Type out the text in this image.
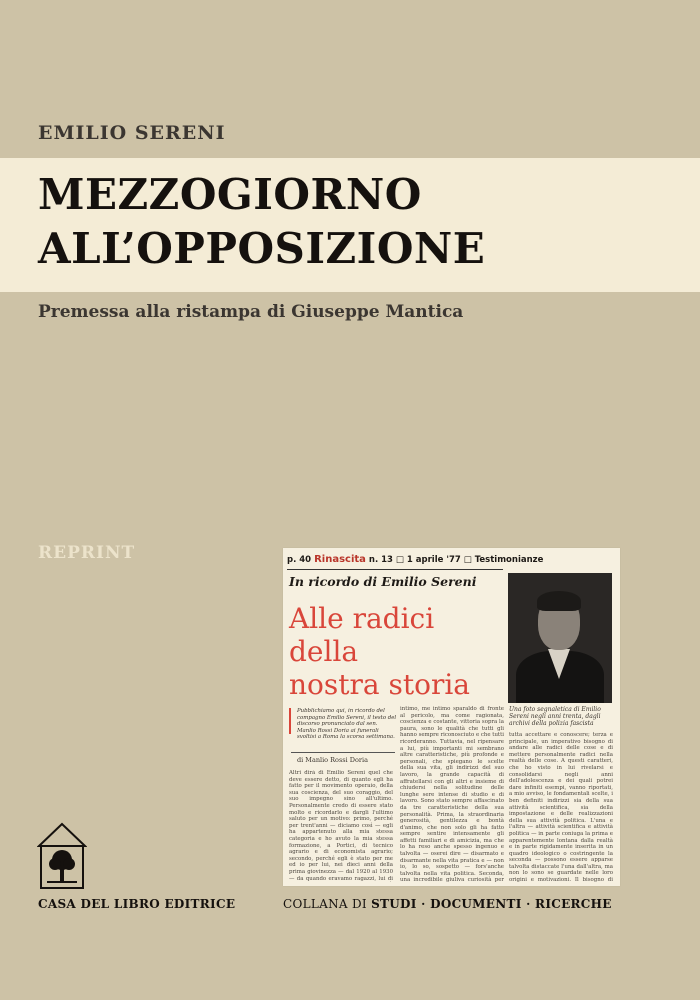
EMILIO SERENI
MEZZOGIORNO
ALL’OPPOSIZIONE
Premessa alla ristampa di Giuseppe Mantica
REPRINT	p. 40 Rinascita n. 13 □ 1 aprile '77 □ Testimonianze
In ricordo di Emilio Sereni
Alle radici
della
nostra storia
Una foto segnaletica di Emilio Sereni negli anni trenta, dagli archivi della polizia fascista
Pubblichiamo qui, in ricordo del compagno Emilio Sereni, il testo del discorso pronunciato dal sen. Manlio Rossi Doria ai funerali svoltisi a Roma la scorsa settimana.
di Manlio Rossi Doria
Altri dirà di Emilio Sereni quel che deve essere detto, di quanto egli ha fatto per il movimento operaio, della sua coscienza, del suo coraggio, del suo impegno sino all'ultimo. Personalmente credo di essere stato molto e ricordarlo e dargli l'ultimo saluto per un motivo: primo, perché per trent'anni — diciamo così — egli ha appartenuto alla mia stessa categoria e ho avuto la mia stessa formazione, a Portici, di tecnico agrario e di economista agrario; secondo, perché egli è stato per me ed io per lui, nei dieci anni della prima giovinezza — dal 1920 al 1930 — da quando eravamo ragazzi, lui di
intimo, me intimo sparaldo di fronte al pericolo, ma come ragionata, coscienza e costante, vittoria sopra la paura, sono le qualità che tutti gli hanno sempre riconosciuto e che tutti ricorderanno. Tuttavia, nel ripensare a lui, più importanti mi sembrano altre caratteristiche, più profonde e personali, che spiegano le scelte della sua vita, gli indirizzi del suo lavoro, la grande capacità di affratellarsi con gli altri e insieme di chiudersi nella solitudine delle lunghe sere intense di studio e di lavoro. Sono stato sempre affascinato da tre caratteristiche della sua personalità. Prima, la straordinaria generosità, gentilezza e bontà d'animo, che non solo gli ha fatto sempre sentire intensamente gli affetti familiari e di amicizia, ma che lo ha reso anche spesso ingenuo e talvolta — oserei dire — disarmato e disarmante nella vita pratica e — non io, lo so, sospetto — fors'anche talvolta nella vita politica. Seconda, una incredibile giuliva curiosità per
tutta accettare e conoscere; terza e principale, un imperativo bisogno di andare alle radici delle cose e di mettere personalmente radici nella realtà delle cose. A questi caratteri, che ho visto in lui rivelarsi e consolidarsi negli anni dell'adolescenza e dei quali potrei dare infiniti esempi, vanno riportati, a mio avviso, le fondamentali scelte, i ben definiti indirizzi sia della sua attività scientifica, sia della impostazione e delle realizzazioni della sua attività politica. L'una e l'altra — attività scientifica e attività politica — in parte coniuga la prima e apparentemente lontana dalla realtà e in parte rigidamente inserita in un quadro ideologico o costringente la seconda — possono essere apparse talvolta distaccate l'una dall'altra, ma non lo sono se guardate nelle loro origini e motivazioni. Il bisogno di
CASA DEL LIBRO EDITRICE	COLLANA DI STUDI · DOCUMENTI · RICERCHE
